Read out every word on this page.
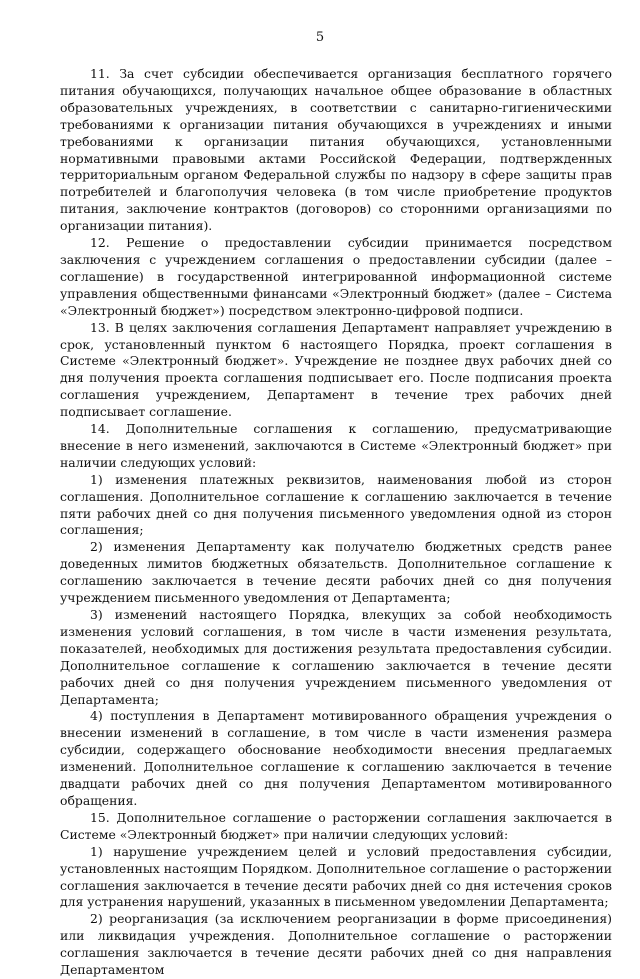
5

11. За счет субсидии обеспечивается организация бесплатного горячего питания обучающихся, получающих начальное общее образование в областных образовательных учреждениях, в соответствии с санитарно-гигиеническими требованиями к организации питания обучающихся в учреждениях и иными требованиями к организации питания обучающихся, установленными нормативными правовыми актами Российской Федерации, подтвержденных территориальным органом Федеральной службы по надзору в сфере защиты прав потребителей и благополучия человека (в том числе приобретение продуктов питания, заключение контрактов (договоров) со сторонними организациями по организации питания).

12. Решение о предоставлении субсидии принимается посредством заключения с учреждением соглашения о предоставлении субсидии (далее – соглашение) в государственной интегрированной информационной системе управления общественными финансами «Электронный бюджет» (далее – Система «Электронный бюджет») посредством электронно-цифровой подписи.

13. В целях заключения соглашения Департамент направляет учреждению в срок, установленный пунктом 6 настоящего Порядка, проект соглашения в Системе «Электронный бюджет». Учреждение не позднее двух рабочих дней со дня получения проекта соглашения подписывает его. После подписания проекта соглашения учреждением, Департамент в течение трех рабочих дней подписывает соглашение.

14. Дополнительные соглашения к соглашению, предусматривающие внесение в него изменений, заключаются в Системе «Электронный бюджет» при наличии следующих условий:

1) изменения платежных реквизитов, наименования любой из сторон соглашения. Дополнительное соглашение к соглашению заключается в течение пяти рабочих дней со дня получения письменного уведомления одной из сторон соглашения;

2) изменения Департаменту как получателю бюджетных средств ранее доведенных лимитов бюджетных обязательств. Дополнительное соглашение к соглашению заключается в течение десяти рабочих дней со дня получения учреждением письменного уведомления от Департамента;

3) изменений настоящего Порядка, влекущих за собой необходимость изменения условий соглашения, в том числе в части изменения результата, показателей, необходимых для достижения результата предоставления субсидии. Дополнительное соглашение к соглашению заключается в течение десяти рабочих дней со дня получения учреждением письменного уведомления от Департамента;

4) поступления в Департамент мотивированного обращения учреждения о внесении изменений в соглашение, в том числе в части изменения размера субсидии, содержащего обоснование необходимости внесения предлагаемых изменений. Дополнительное соглашение к соглашению заключается в течение двадцати рабочих дней со дня получения Департаментом мотивированного обращения.

15. Дополнительное соглашение о расторжении соглашения заключается в Системе «Электронный бюджет» при наличии следующих условий:

1) нарушение учреждением целей и условий предоставления субсидии, установленных настоящим Порядком. Дополнительное соглашение о расторжении соглашения заключается в течение десяти рабочих дней со дня истечения сроков для устранения нарушений, указанных в письменном уведомлении Департамента;

2) реорганизация (за исключением реорганизации в форме присоединения) или ликвидация учреждения. Дополнительное соглашение о расторжении соглашения заключается в течение десяти рабочих дней со дня направления Департаментом
